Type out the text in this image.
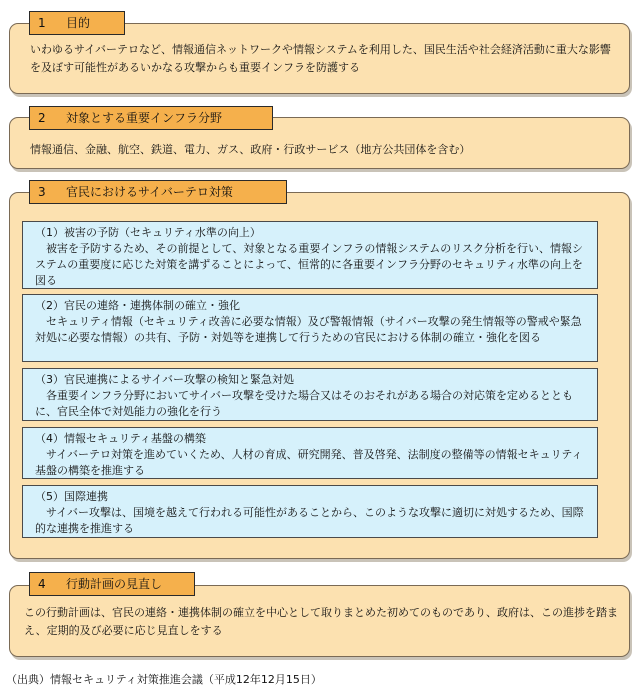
1 目的
いわゆるサイバーテロなど、情報通信ネットワークや情報システムを利用した、国民生活や社会経済活動に重大な影響を及ぼす可能性があるいかなる攻撃からも重要インフラを防護する
2 対象とする重要インフラ分野
情報通信、金融、航空、鉄道、電力、ガス、政府・行政サービス（地方公共団体を含む）
3 官民におけるサイバーテロ対策
（1）被害の予防（セキュリティ水準の向上）
被害を予防するため、その前提として、対象となる重要インフラの情報システムのリスク分析を行い、情報システムの重要度に応じた対策を講ずることによって、恒常的に各重要インフラ分野のセキュリティ水準の向上を図る
（2）官民の連絡・連携体制の確立・強化
セキュリティ情報（セキュリティ改善に必要な情報）及び警報情報（サイバー攻撃の発生情報等の警戒や緊急対処に必要な情報）の共有、予防・対処等を連携して行うための官民における体制の確立・強化を図る
（3）官民連携によるサイバー攻撃の検知と緊急対処
各重要インフラ分野においてサイバー攻撃を受けた場合又はそのおそれがある場合の対応策を定めるとともに、官民全体で対処能力の強化を行う
（4）情報セキュリティ基盤の構築
サイバーテロ対策を進めていくため、人材の育成、研究開発、普及啓発、法制度の整備等の情報セキュリティ基盤の構築を推進する
（5）国際連携
サイバー攻撃は、国境を越えて行われる可能性があることから、このような攻撃に適切に対処するため、国際的な連携を推進する
4 行動計画の見直し
この行動計画は、官民の連絡・連携体制の確立を中心として取りまとめた初めてのものであり、政府は、この進捗を踏まえ、定期的及び必要に応じ見直しをする
（出典）情報セキュリティ対策推進会議（平成12年12月15日）
